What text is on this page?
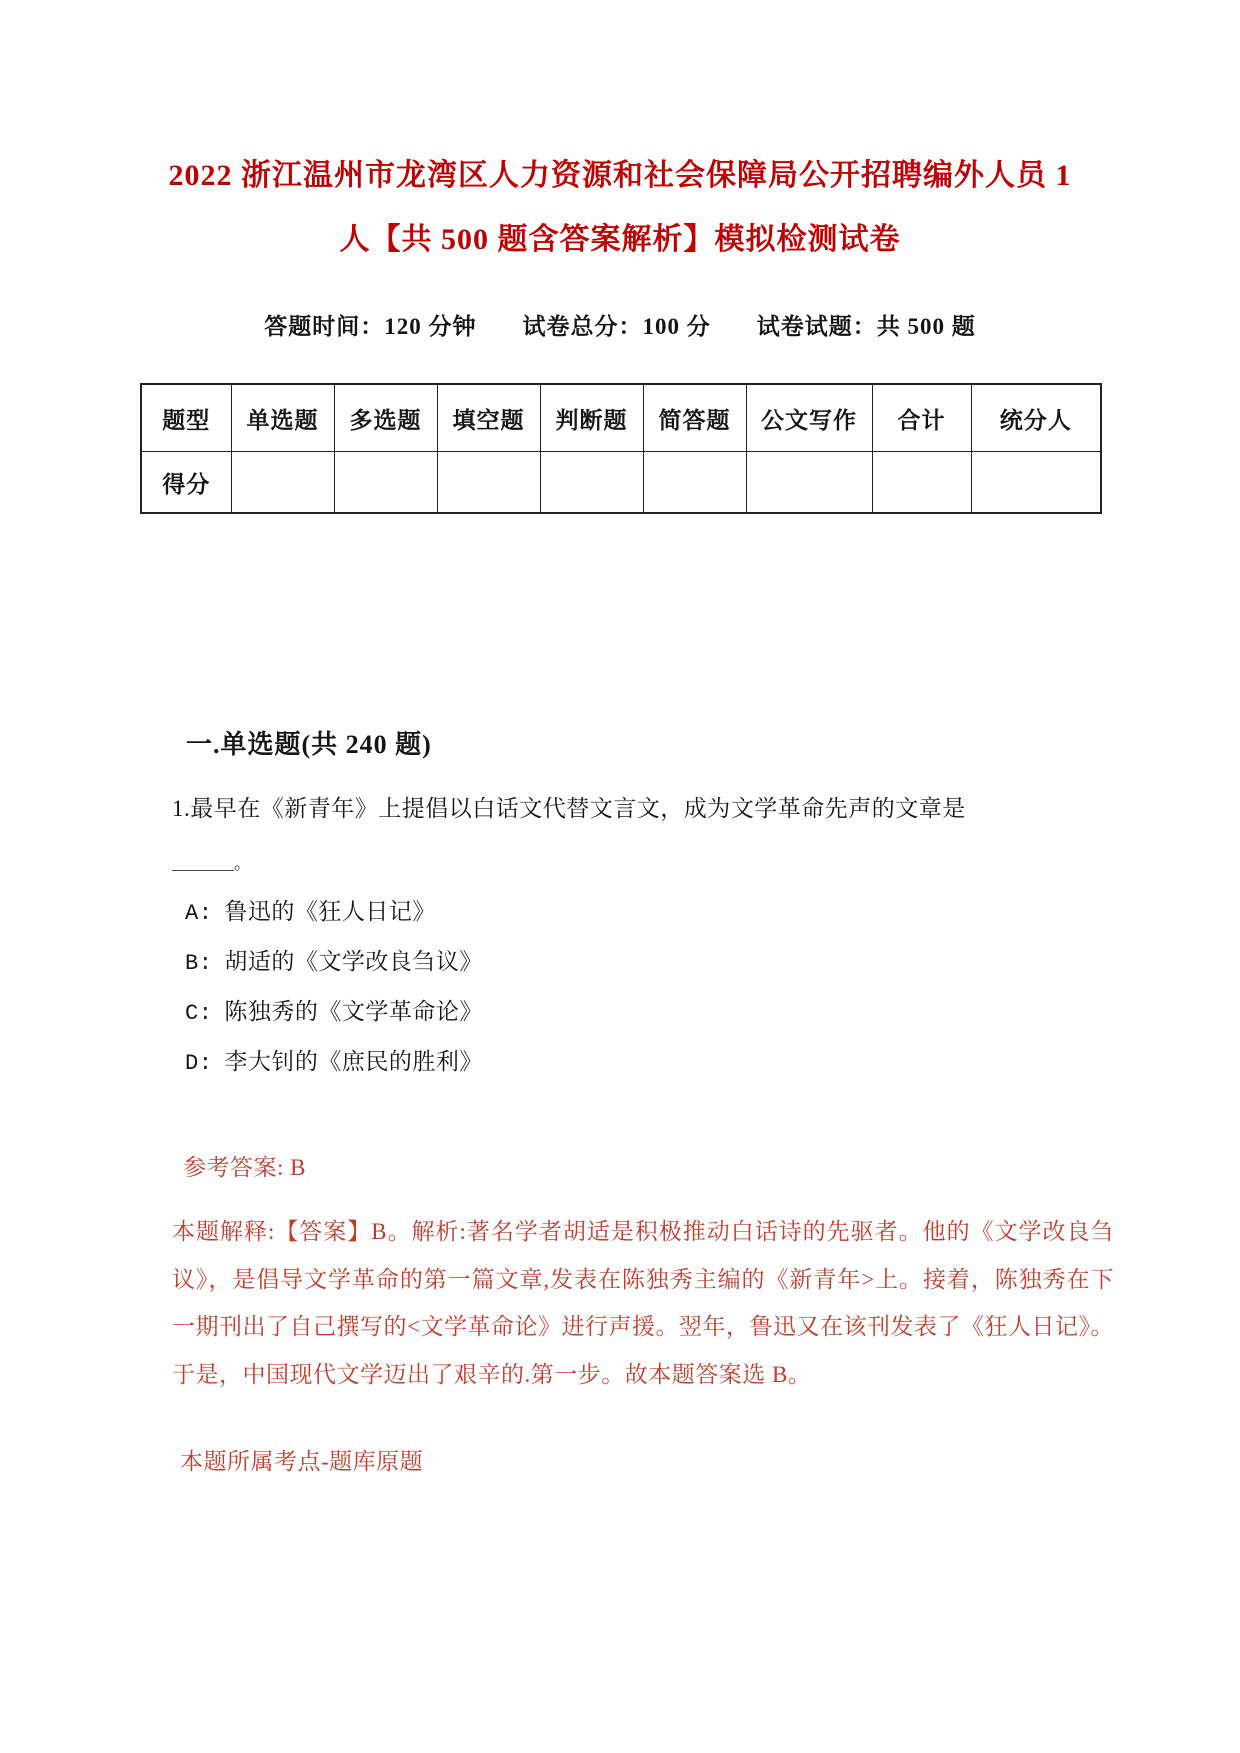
2022 浙江温州市龙湾区人力资源和社会保障局公开招聘编外人员 1
人【共 500 题含答案解析】模拟检测试卷
答题时间：120 分钟 试卷总分：100 分 试卷试题：共 500 题
题型	单选题	多选题	填空题	判断题	简答题	公文写作	合计	统分人
得分								
一.单选题(共 240 题)

1.最早在《新青年》上提倡以白话文代替文言文，成为文学革命先声的文章是

。

A: 鲁迅的《狂人日记》

B: 胡适的《文学改良刍议》

C: 陈独秀的《文学革命论》

D: 李大钊的《庶民的胜利》

参考答案: B

本题解释:【答案】B。解析:著名学者胡适是积极推动白话诗的先驱者。他的《文学改良刍议》，是倡导文学革命的第一篇文章,发表在陈独秀主编的《新青年>上。接着，陈独秀在下一期刊出了自己撰写的<文学革命论》进行声援。翌年，鲁迅又在该刊发表了《狂人日记》。于是，中国现代文学迈出了艰辛的.第一步。故本题答案选 B。

本题所属考点-题库原题
